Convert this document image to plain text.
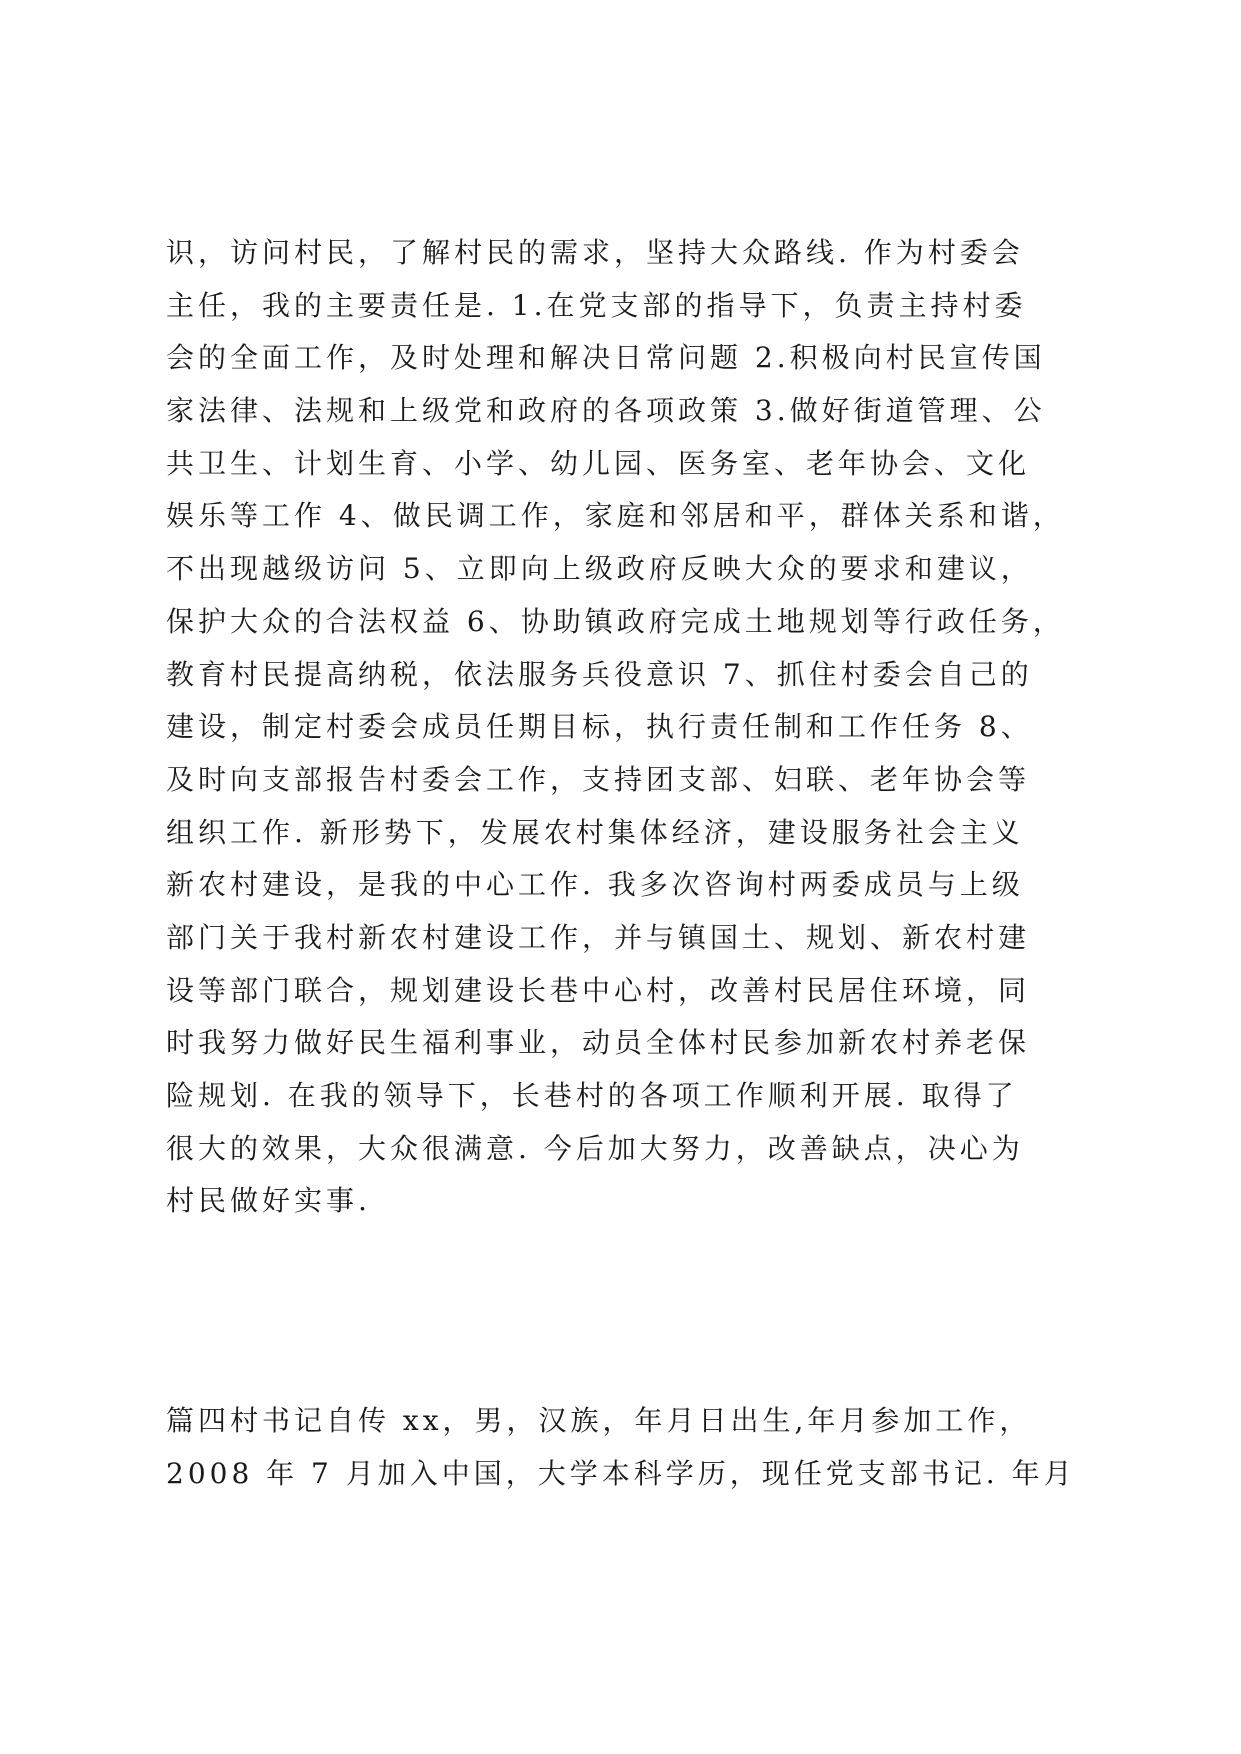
识，访问村民，了解村民的需求，坚持大众路线. 作为村委会
主任，我的主要责任是. 1.在党支部的指导下，负责主持村委
会的全面工作，及时处理和解决日常问题 2.积极向村民宣传国
家法律、法规和上级党和政府的各项政策 3.做好街道管理、公
共卫生、计划生育、小学、幼儿园、医务室、老年协会、文化
娱乐等工作 4、做民调工作，家庭和邻居和平，群体关系和谐，
不出现越级访问 5、立即向上级政府反映大众的要求和建议，
保护大众的合法权益 6、协助镇政府完成土地规划等行政任务，
教育村民提高纳税，依法服务兵役意识 7、抓住村委会自己的
建设，制定村委会成员任期目标，执行责任制和工作任务 8、
及时向支部报告村委会工作，支持团支部、妇联、老年协会等
组织工作. 新形势下，发展农村集体经济，建设服务社会主义
新农村建设，是我的中心工作. 我多次咨询村两委成员与上级
部门关于我村新农村建设工作，并与镇国土、规划、新农村建
设等部门联合，规划建设长巷中心村，改善村民居住环境，同
时我努力做好民生福利事业，动员全体村民参加新农村养老保
险规划. 在我的领导下，长巷村的各项工作顺利开展. 取得了
很大的效果，大众很满意. 今后加大努力，改善缺点，决心为
村民做好实事.
篇四村书记自传 xx，男，汉族，年月日出生,年月参加工作，
2008 年 7 月加入中国，大学本科学历，现任党支部书记. 年月
